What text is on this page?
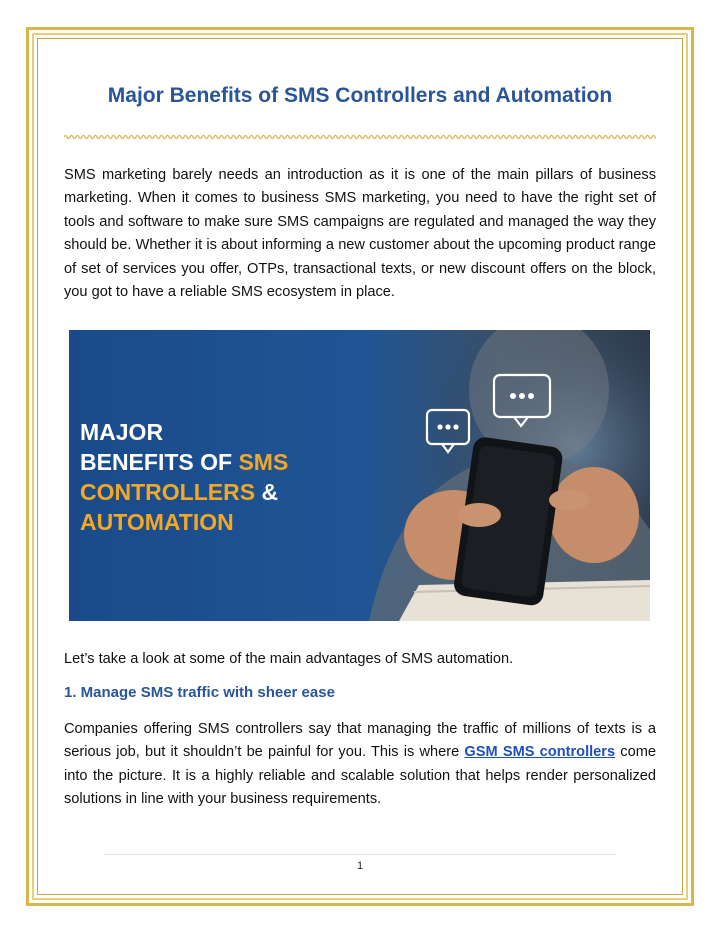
Major Benefits of SMS Controllers and Automation

SMS marketing barely needs an introduction as it is one of the main pillars of business marketing. When it comes to business SMS marketing, you need to have the right set of tools and software to make sure SMS campaigns are regulated and managed the way they should be. Whether it is about informing a new customer about the upcoming product range of set of services you offer, OTPs, transactional texts, or new discount offers on the block, you got to have a reliable SMS ecosystem in place.

MAJOR
BENEFITS OF SMS
CONTROLLERS &
AUTOMATION

Let’s take a look at some of the main advantages of SMS automation.

1. Manage SMS traffic with sheer ease

Companies offering SMS controllers say that managing the traffic of millions of texts is a serious job, but it shouldn’t be painful for you. This is where GSM SMS controllers come into the picture. It is a highly reliable and scalable solution that helps render personalized solutions in line with your business requirements.

1
